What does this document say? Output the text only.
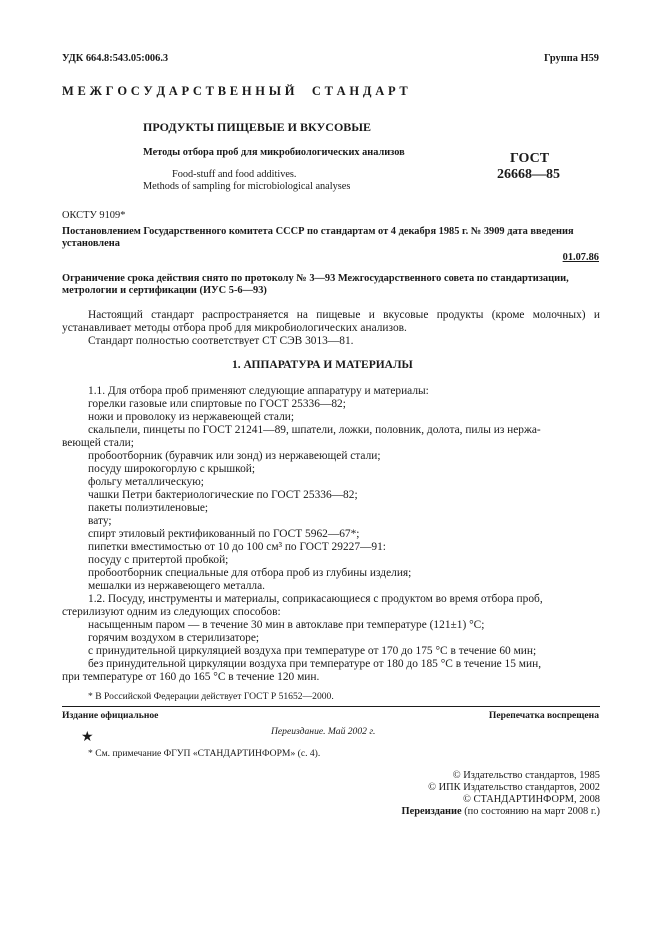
УДК 664.8:543.05:006.3	Группа Н59
М Е Ж Г О С У Д А Р С Т В Е Н Н Ы Й     С Т А Н Д А Р Т
ПРОДУКТЫ ПИЩЕВЫЕ И ВКУСОВЫЕ
Методы отбора проб для микробиологических анализов
Food-stuff and food additives.
Methods of sampling for microbiological analyses
ГОСТ
26668—85
ОКСТУ 9109*
Постановлением Государственного комитета СССР по стандартам от 4 декабря 1985 г. № 3909 дата введения установлена
01.07.86
Ограничение срока действия снято по протоколу № 3—93 Межгосударственного совета по стандартизации, метрологии и сертификации (ИУС 5-6—93)
Настоящий стандарт распространяется на пищевые и вкусовые продукты (кроме молочных) и устанавливает методы отбора проб для микробиологических анализов.
Стандарт полностью соответствует СТ СЭВ 3013—81.
1. АППАРАТУРА И МАТЕРИАЛЫ
1.1. Для отбора проб применяют следующие аппаратуру и материалы:
горелки газовые или спиртовые по ГОСТ 25336—82;
ножи и проволоку из нержавеющей стали;
скальпели, пинцеты по ГОСТ 21241—89, шпатели, ложки, половник, долота, пилы из нержа-
веющей стали;
пробоотборник (буравчик или зонд) из нержавеющей стали;
посуду широкогорлую с крышкой;
фольгу металлическую;
чашки Петри бактериологические по ГОСТ 25336—82;
пакеты полиэтиленовые;
вату;
спирт этиловый ректификованный по ГОСТ 5962—67*;
пипетки вместимостью от 10 до 100 см³ по ГОСТ 29227—91:
посуду с притертой пробкой;
пробоотборник специальные для отбора проб из глубины изделия;
мешалки из нержавеющего металла.
1.2. Посуду, инструменты и материалы, соприкасающиеся с продуктом во время отбора проб,
стерилизуют одним из следующих способов:
насыщенным паром — в течение 30 мин в автоклаве при температуре (121±1) °С;
горячим воздухом в стерилизаторе;
с принудительной циркуляцией воздуха при температуре от 170 до 175 °С в течение 60 мин;
без принудительной циркуляции воздуха при температуре от 180 до 185 °С в течение 15 мин,
при температуре от 160 до 165 °С в течение 120 мин.
* В Российской Федерации действует ГОСТ Р 51652—2000.
Издание официальное	Перепечатка воспрещена
Переиздание. Май 2002 г.
★
* См. примечание ФГУП «СТАНДАРТИНФОРМ» (с. 4).
© Издательство стандартов, 1985
© ИПК Издательство стандартов, 2002
© СТАНДАРТИНФОРМ, 2008
Переиздание (по состоянию на март 2008 г.)
